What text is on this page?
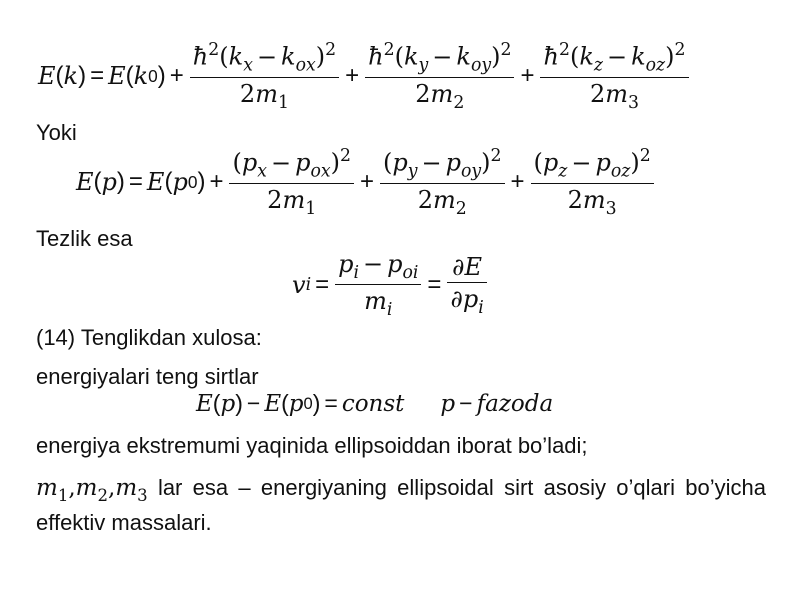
E ( k ) = E ( k 0 ) + $\frac{ħ^2(k_x - k_{ox})^2}{2m_1} + \frac{ħ^2(k_y - k_{oy})^2}{2m_2} + \frac{ħ^2(k_z - k_{oz})^2}{2m_3}$
Yoki
E ( p ) = E ( p 0 ) + $\frac{(p_x - p_{ox})^2}{2m_1} + \frac{(p_y - p_{oy})^2}{2m_2} + \frac{(p_z - p_{oz})^2}{2m_3}$
Tezlik esa
v $i = \frac{p_i - p_{oi}}{m_i} = \frac{\partial E}{\partial p_i}$
(14) Tenglikdan xulosa:
energiyalari teng sirtlar
E ( p ) − E ( p 0 ) = const p − fazoda
energiya ekstremumi yaqinida ellipsoiddan iborat bo’ladi;
$m_1,m_2,m_3$ lar esa – energiyaning ellipsoidal sirt asosiy o’qlari bo’yicha effektiv massalari.
